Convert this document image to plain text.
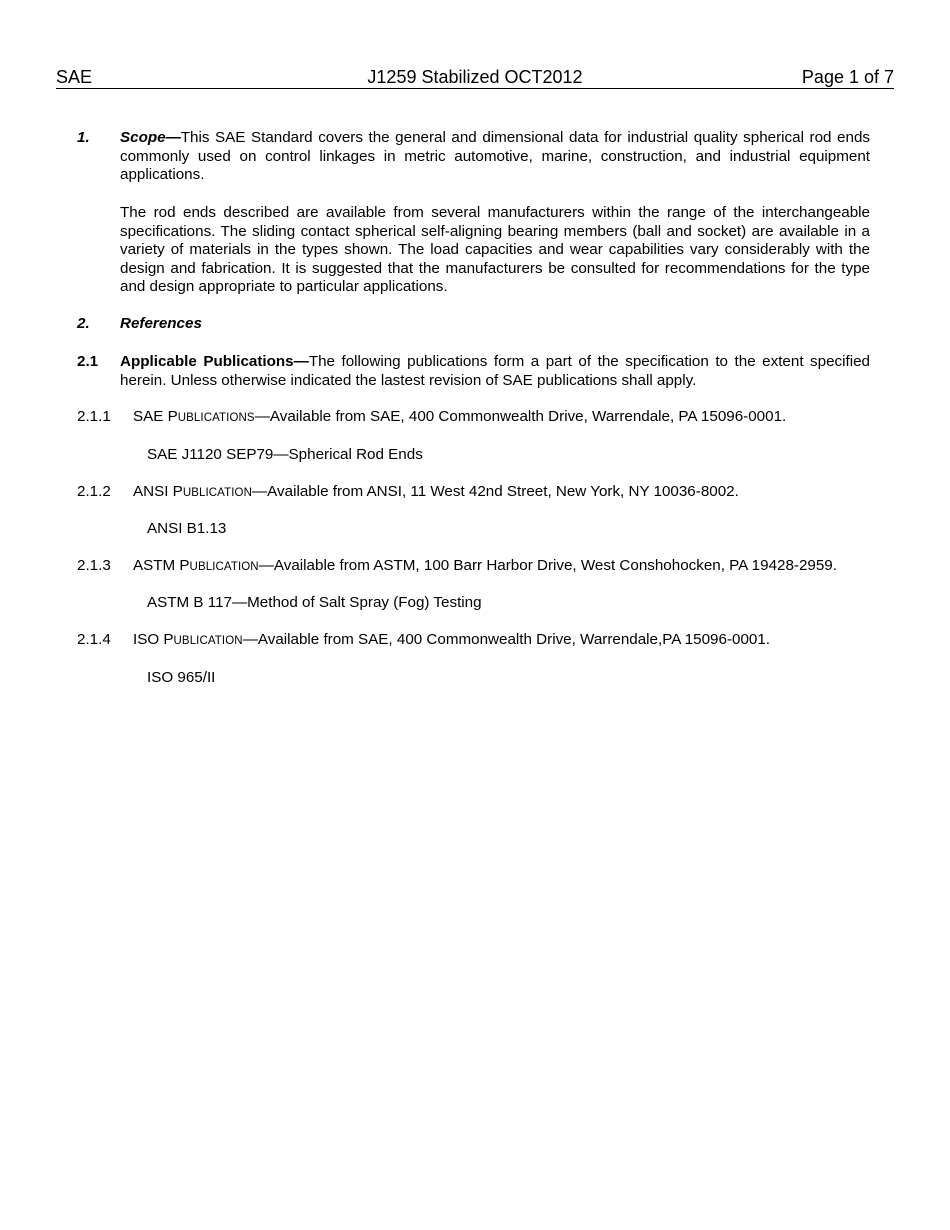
SAE	J1259 Stabilized OCT2012	Page 1 of 7
1. Scope—This SAE Standard covers the general and dimensional data for industrial quality spherical rod ends commonly used on control linkages in metric automotive, marine, construction, and industrial equipment applications.
The rod ends described are available from several manufacturers within the range of the interchangeable specifications. The sliding contact spherical self-aligning bearing members (ball and socket) are available in a variety of materials in the types shown. The load capacities and wear capabilities vary considerably with the design and fabrication. It is suggested that the manufacturers be consulted for recommendations for the type and design appropriate to particular applications.
2. References
2.1 Applicable Publications—The following publications form a part of the specification to the extent specified herein. Unless otherwise indicated the lastest revision of SAE publications shall apply.
2.1.1 SAE PUBLICATIONS—Available from SAE, 400 Commonwealth Drive, Warrendale, PA 15096-0001.
SAE J1120 SEP79—Spherical Rod Ends
2.1.2 ANSI PUBLICATION—Available from ANSI, 11 West 42nd Street, New York, NY 10036-8002.
ANSI B1.13
2.1.3 ASTM PUBLICATION—Available from ASTM, 100 Barr Harbor Drive, West Conshohocken, PA 19428-2959.
ASTM B 117—Method of Salt Spray (Fog) Testing
2.1.4 ISO PUBLICATION—Available from SAE, 400 Commonwealth Drive, Warrendale,PA 15096-0001.
ISO 965/II
